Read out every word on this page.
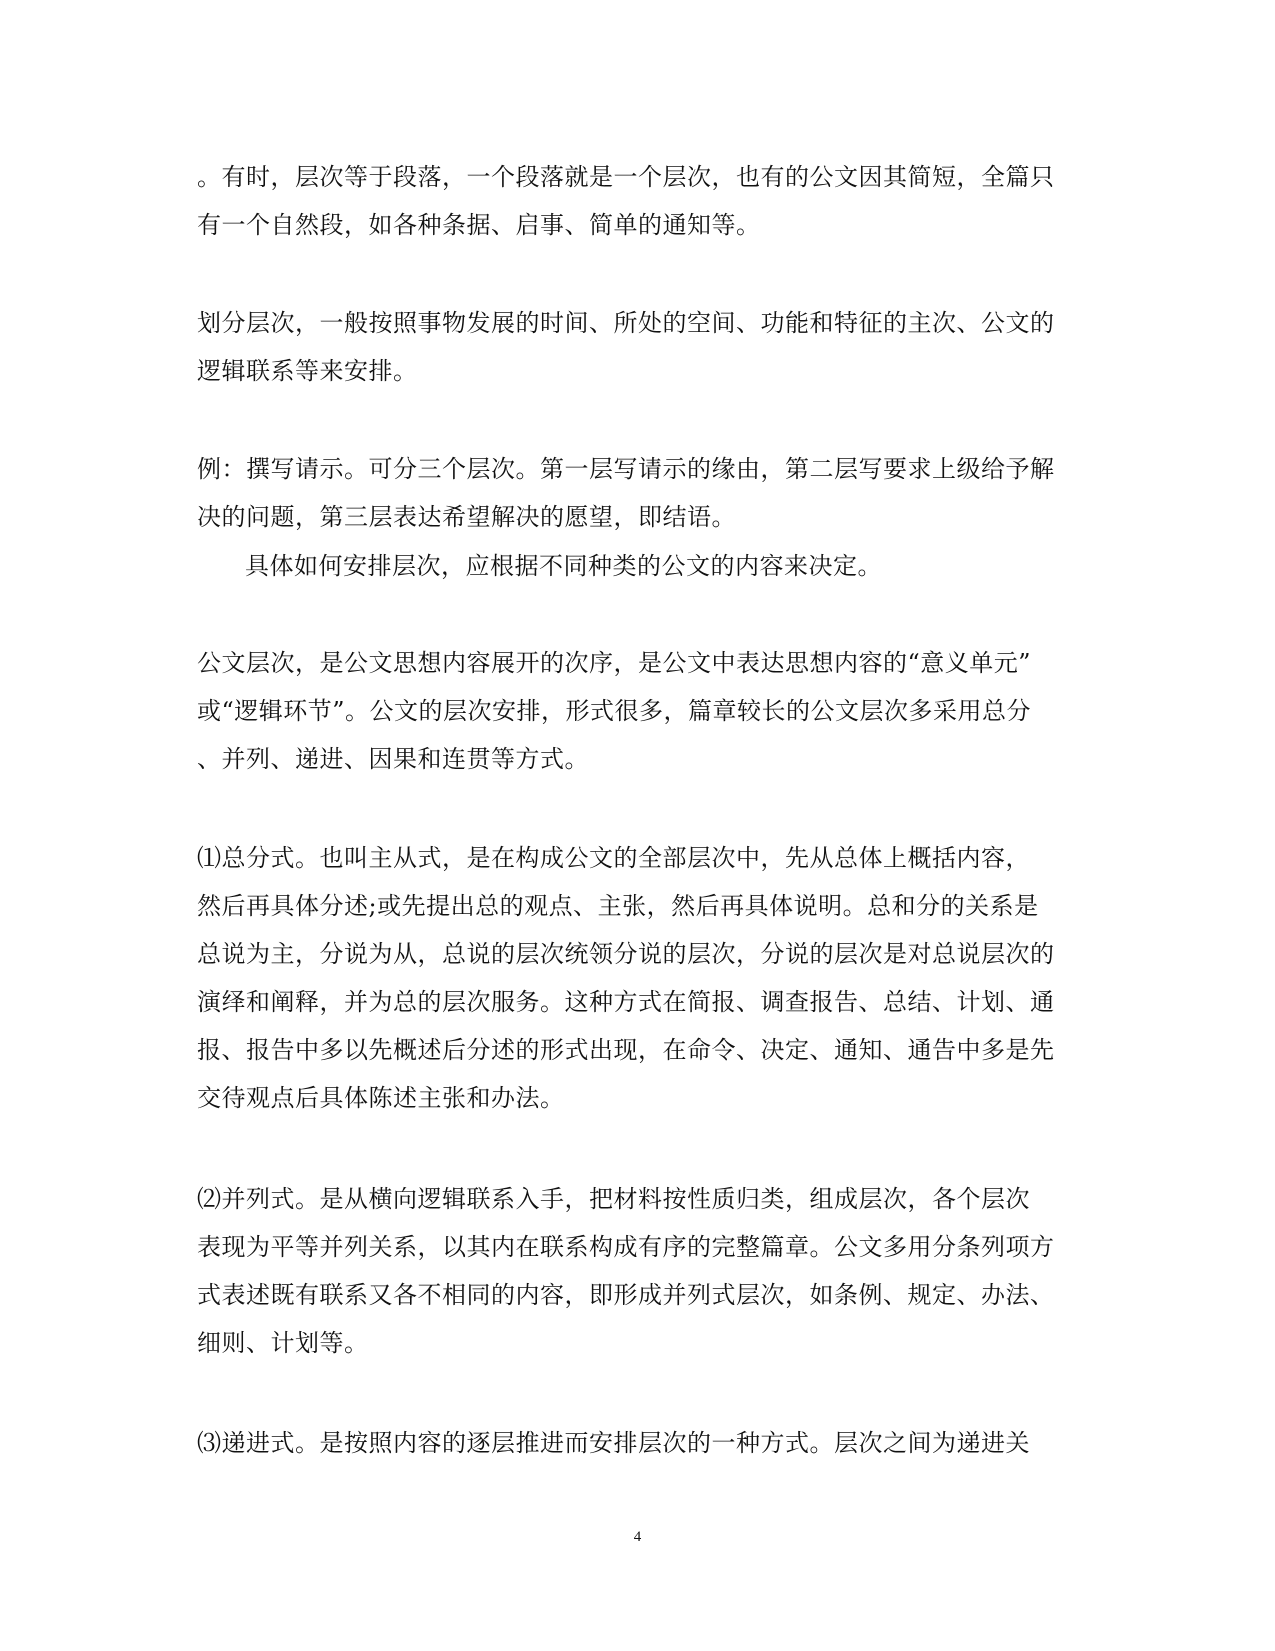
。有时，层次等于段落，一个段落就是一个层次，也有的公文因其简短，全篇只
有一个自然段，如各种条据、启事、简单的通知等。

划分层次，一般按照事物发展的时间、所处的空间、功能和特征的主次、公文的
逻辑联系等来安排。

例：撰写请示。可分三个层次。第一层写请示的缘由，第二层写要求上级给予解
决的问题，第三层表达希望解决的愿望，即结语。

具体如何安排层次，应根据不同种类的公文的内容来决定。

公文层次，是公文思想内容展开的次序，是公文中表达思想内容的“意义单元”
或“逻辑环节”。公文的层次安排，形式很多，篇章较长的公文层次多采用总分
、并列、递进、因果和连贯等方式。

⑴总分式。也叫主从式，是在构成公文的全部层次中，先从总体上概括内容，
然后再具体分述;或先提出总的观点、主张，然后再具体说明。总和分的关系是
总说为主，分说为从，总说的层次统领分说的层次，分说的层次是对总说层次的
演绎和阐释，并为总的层次服务。这种方式在简报、调查报告、总结、计划、通
报、报告中多以先概述后分述的形式出现，在命令、决定、通知、通告中多是先
交待观点后具体陈述主张和办法。

⑵并列式。是从横向逻辑联系入手，把材料按性质归类，组成层次，各个层次
表现为平等并列关系，以其内在联系构成有序的完整篇章。公文多用分条列项方
式表述既有联系又各不相同的内容，即形成并列式层次，如条例、规定、办法、
细则、计划等。

⑶递进式。是按照内容的逐层推进而安排层次的一种方式。层次之间为递进关

4
